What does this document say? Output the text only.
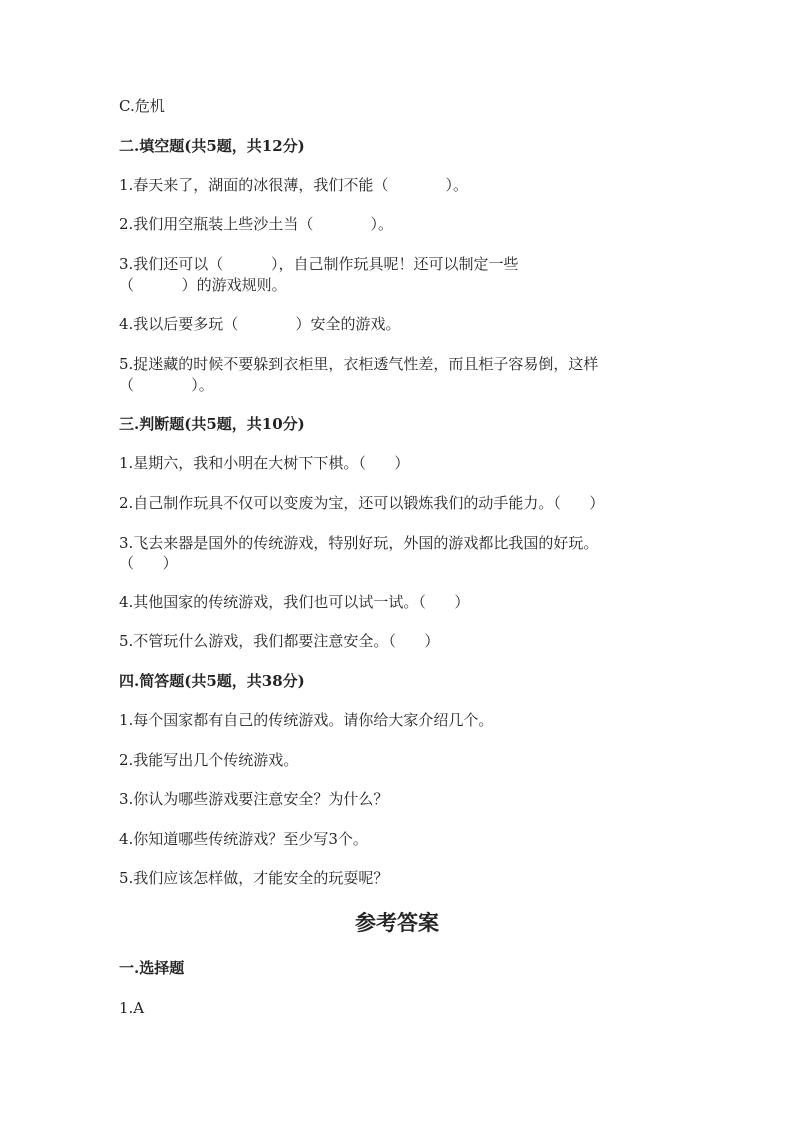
C.危机
二.填空题(共5题，共12分)
1.春天来了，湖面的冰很薄，我们不能（            ）。
2.我们用空瓶装上些沙土当（            ）。
3.我们还可以（          ），自己制作玩具呢！还可以制定一些
（          ）的游戏规则。
4.我以后要多玩（            ）安全的游戏。
5.捉迷藏的时候不要躲到衣柜里，衣柜透气性差，而且柜子容易倒，这样
（            ）。
三.判断题(共5题，共10分)
1.星期六，我和小明在大树下下棋。（      ）
2.自己制作玩具不仅可以变废为宝，还可以锻炼我们的动手能力。（      ）
3.飞去来器是国外的传统游戏，特别好玩，外国的游戏都比我国的好玩。
（      ）
4.其他国家的传统游戏，我们也可以试一试。（      ）
5.不管玩什么游戏，我们都要注意安全。（      ）
四.简答题(共5题，共38分)
1.每个国家都有自己的传统游戏。请你给大家介绍几个。
2.我能写出几个传统游戏。
3.你认为哪些游戏要注意安全？为什么？
4.你知道哪些传统游戏？至少写3个。
5.我们应该怎样做，才能安全的玩耍呢？
参考答案
一.选择题
1.A
